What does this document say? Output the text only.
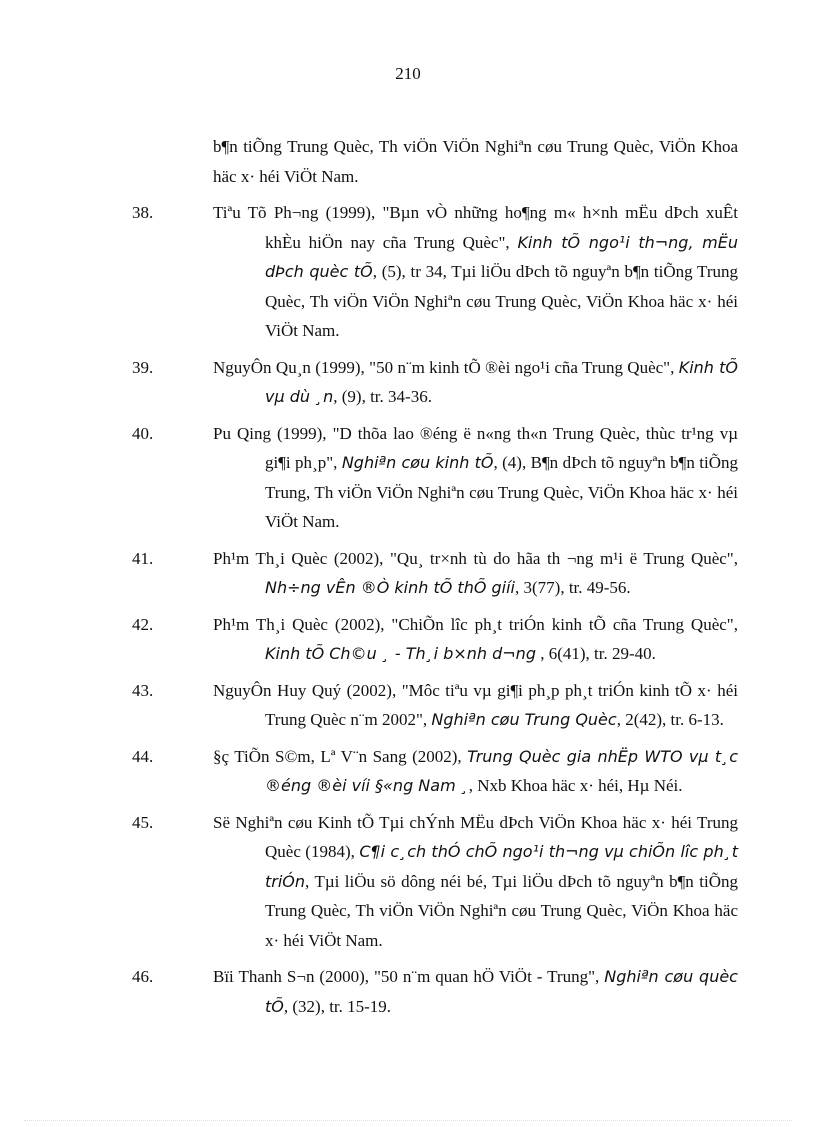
210
b¶n tiÕng Trung Quèc, Th viÖn ViÖn Nghiªn cøu Trung Quèc, ViÖn Khoa häc x· héi ViÖt Nam.
38.	Tiªu Tõ Ph¬ng (1999), "Bµn vÒ những ho¶ng m« h×nh mËu dÞch xuÊt khÈu hiÖn nay cña Trung Quèc", Kinh tÕ ngo¹i th¬ng, mËu dÞch quèc tÕ, (5), tr 34, Tµi liÖu dÞch tõ nguyªn b¶n tiÕng Trung Quèc, Th viÖn ViÖn Nghiªn cøu Trung Quèc, ViÖn Khoa häc x· héi ViÖt Nam.
39.	NguyÔn Qu¸n (1999), "50 n¨m kinh tÕ ®èi ngo¹i cña Trung Quèc", Kinh tÕ vµ dù ¸n, (9), tr. 34-36.
40.	Pu Qing (1999), "D thõa lao ®éng ë n«ng th«n Trung Quèc, thùc tr¹ng vµ gi¶i ph¸p", Nghiªn cøu kinh tÕ, (4), B¶n dÞch tõ nguyªn b¶n tiÕng Trung, Th viÖn ViÖn Nghiªn cøu Trung Quèc, ViÖn Khoa häc x· héi ViÖt Nam.
41.	Ph¹m Th¸i Quèc (2002), "Qu¸ tr×nh tù do hãa th ¬ng m¹i ë Trung Quèc", Nh÷ng vÊn ®Ò kinh tÕ thÕ giíi, 3(77), tr. 49-56.
42.	Ph¹m Th¸i Quèc (2002), "ChiÕn lîc ph¸t triÓn kinh tÕ cña Trung Quèc", Kinh tÕ Ch©u ¸ - Th¸i b×nh d¬ng , 6(41), tr. 29-40.
43.	NguyÔn Huy Quý (2002), "Môc tiªu vµ gi¶i ph¸p ph¸t triÓn kinh tÕ x· héi Trung Quèc n¨m 2002", Nghiªn cøu Trung Quèc, 2(42), tr. 6-13.
44.	§ç TiÕn S©m, Lª V¨n Sang (2002), Trung Quèc gia nhËp WTO vµ t¸c ®éng ®èi víi §«ng Nam ¸, Nxb Khoa häc x· héi, Hµ Néi.
45.	Së Nghiªn cøu Kinh tÕ Tµi chÝnh MËu dÞch ViÖn Khoa häc x· héi Trung Quèc (1984), C¶i c¸ch thÓ chÕ ngo¹i th¬ng vµ chiÕn lîc ph¸t triÓn, Tµi liÖu sö dông néi bé, Tµi liÖu dÞch tõ nguyªn b¶n tiÕng Trung Quèc, Th viÖn ViÖn Nghiªn cøu Trung Quèc, ViÖn Khoa häc x· héi ViÖt Nam.
46.	Bïi Thanh S¬n (2000), "50 n¨m quan hÖ ViÖt - Trung", Nghiªn cøu quèc tÕ, (32), tr. 15-19.
